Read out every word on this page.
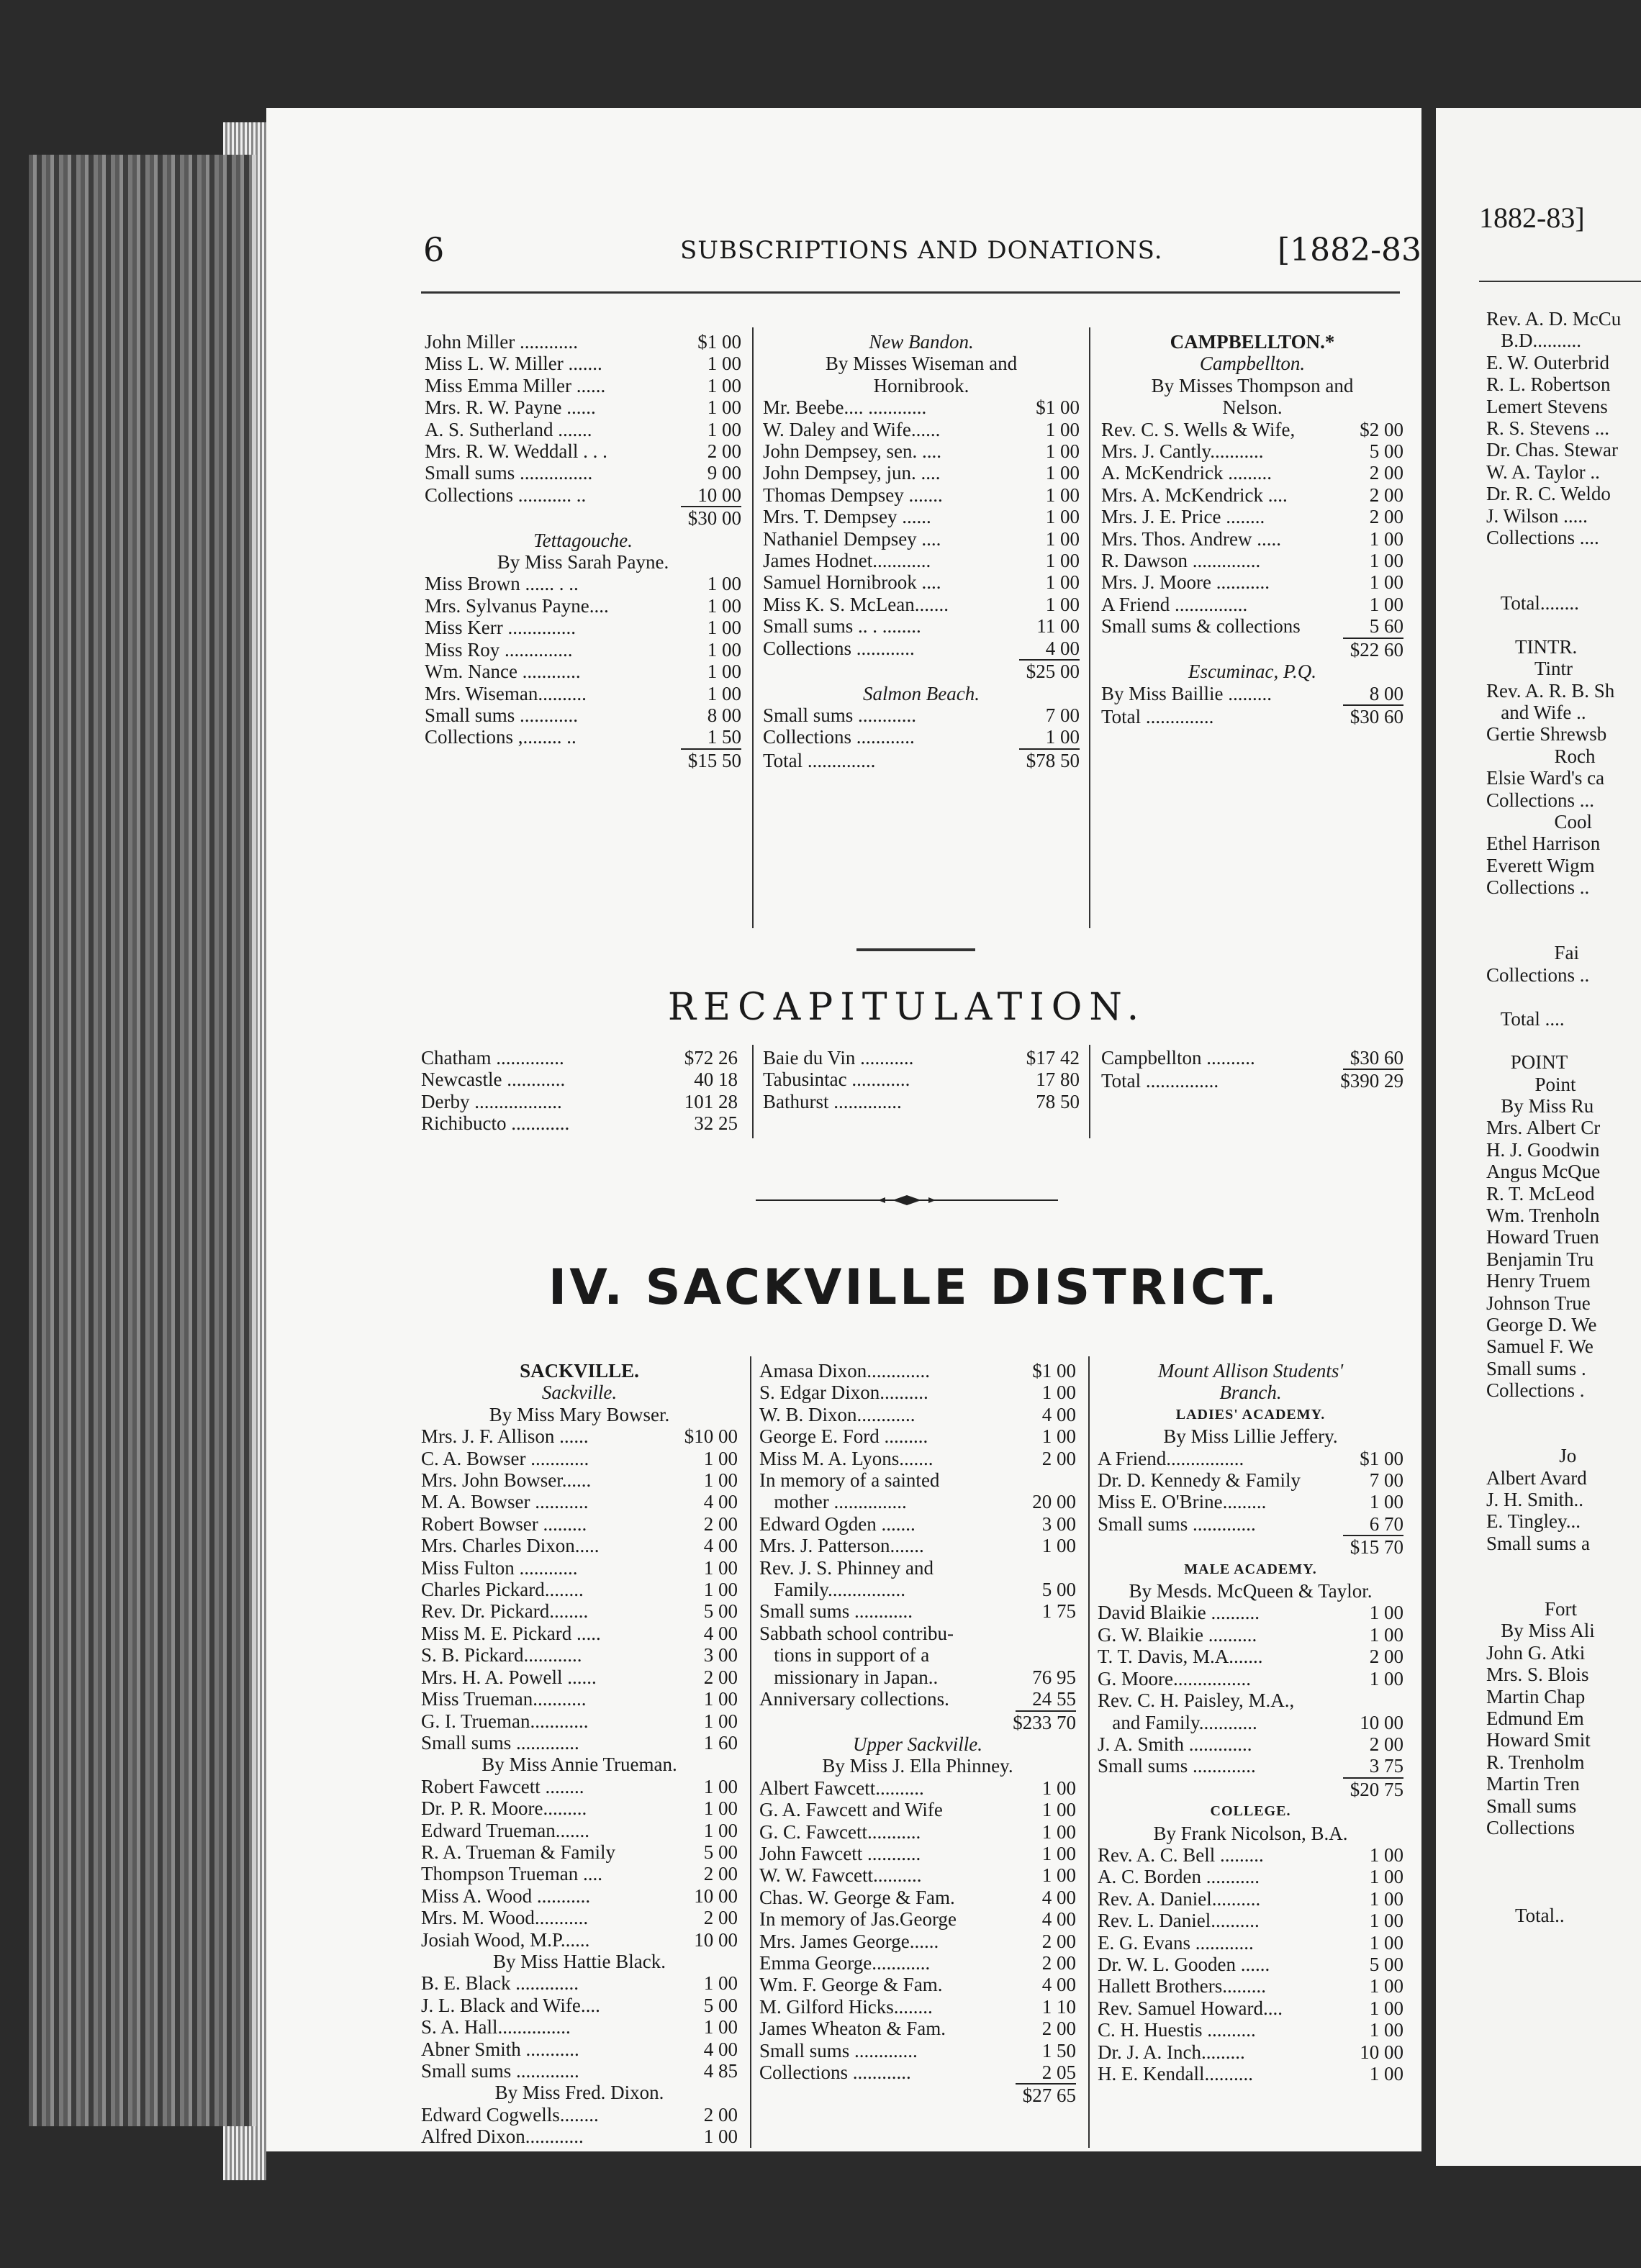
6	SUBSCRIPTIONS AND DONATIONS.	[1882-83
John Miller ............	$1 00
Miss L. W. Miller .......	1 00
Miss Emma Miller ......	1 00
Mrs. R. W. Payne ......	1 00
A. S. Sutherland .......	1 00
Mrs. R. W. Weddall . . .	2 00
Small sums ...............	9 00
Collections ........... ..	10 00
$30 00
Tettagouche.
By Miss Sarah Payne.
Miss Brown ...... . ..	1 00
Mrs. Sylvanus Payne....	1 00
Miss Kerr ..............	1 00
Miss Roy ..............	1 00
Wm. Nance ............	1 00
Mrs. Wiseman..........	1 00
Small sums ............	8 00
Collections ,........ ..	1 50
$15 50
New Bandon.
By Misses Wiseman and
Hornibrook.
Mr. Beebe.... ............	$1 00
W. Daley and Wife......	1 00
John Dempsey, sen. ....	1 00
John Dempsey, jun. ....	1 00
Thomas Dempsey .......	1 00
Mrs. T. Dempsey ......	1 00
Nathaniel Dempsey ....	1 00
James Hodnet............	1 00
Samuel Hornibrook ....	1 00
Miss K. S. McLean.......	1 00
Small sums .. . ........	11 00
Collections ............	4 00
$25 00
Salmon Beach.
Small sums ............	7 00
Collections ............	1 00
Total ..............	$78 50
CAMPBELLTON.*
Campbellton.
By Misses Thompson and
Nelson.
Rev. C. S. Wells & Wife,	$2 00
Mrs. J. Cantly...........	5 00
A. McKendrick .........	2 00
Mrs. A. McKendrick ....	2 00
Mrs. J. E. Price ........	2 00
Mrs. Thos. Andrew .....	1 00
R. Dawson ..............	1 00
Mrs. J. Moore ...........	1 00
A Friend ...............	1 00
Small sums & collections	5 60
$22 60
Escuminac, P.Q.
By Miss Baillie .........	8 00
Total ..............	$30 60
RECAPITULATION.
Chatham ..............	$72 26
Newcastle ............	40 18
Derby ..................	101 28
Richibucto ............	32 25
Baie du Vin ...........	$17 42
Tabusintac ............	17 80
Bathurst ..............	78 50
Campbellton ..........	$30 60
Total ...............	$390 29
IV. SACKVILLE DISTRICT.
SACKVILLE.
Sackville.
By Miss Mary Bowser.
Mrs. J. F. Allison ......	$10 00
C. A. Bowser ............	1 00
Mrs. John Bowser......	1 00
M. A. Bowser ...........	4 00
Robert Bowser .........	2 00
Mrs. Charles Dixon.....	4 00
Miss Fulton ............	1 00
Charles Pickard........	1 00
Rev. Dr. Pickard........	5 00
Miss M. E. Pickard .....	4 00
S. B. Pickard............	3 00
Mrs. H. A. Powell ......	2 00
Miss Trueman...........	1 00
G. I. Trueman............	1 00
Small sums .............	1 60
By Miss Annie Trueman.
Robert Fawcett ........	1 00
Dr. P. R. Moore.........	1 00
Edward Trueman.......	1 00
R. A. Trueman & Family	5 00
Thompson Trueman ....	2 00
Miss A. Wood ...........	10 00
Mrs. M. Wood...........	2 00
Josiah Wood, M.P......	10 00
By Miss Hattie Black.
B. E. Black .............	1 00
J. L. Black and Wife....	5 00
S. A. Hall...............	1 00
Abner Smith ...........	4 00
Small sums .............	4 85
By Miss Fred. Dixon.
Edward Cogwells........	2 00
Alfred Dixon............	1 00
Amasa Dixon.............	$1 00
S. Edgar Dixon..........	1 00
W. B. Dixon............	4 00
George E. Ford .........	1 00
Miss M. A. Lyons.......	2 00
In memory of a sainted
mother ...............	20 00
Edward Ogden .......	3 00
Mrs. J. Patterson.......	1 00
Rev. J. S. Phinney and
Family................	5 00
Small sums ............	1 75
Sabbath school contribu-
tions in support of a
missionary in Japan..	76 95
Anniversary collections.	24 55
$233 70
Upper Sackville.
By Miss J. Ella Phinney.
Albert Fawcett..........	1 00
G. A. Fawcett and Wife	1 00
G. C. Fawcett...........	1 00
John Fawcett ...........	1 00
W. W. Fawcett..........	1 00
Chas. W. George & Fam.	4 00
In memory of Jas.George	4 00
Mrs. James George......	2 00
Emma George............	2 00
Wm. F. George & Fam.	4 00
M. Gilford Hicks........	1 10
James Wheaton & Fam.	2 00
Small sums .............	1 50
Collections ............	2 05
$27 65
Mount Allison Students'
Branch.
LADIES' ACADEMY.
By Miss Lillie Jeffery.
A Friend................	$1 00
Dr. D. Kennedy & Family	7 00
Miss E. O'Brine.........	1 00
Small sums .............	6 70
$15 70
MALE ACADEMY.
By Mesds. McQueen & Taylor.
David Blaikie ..........	1 00
G. W. Blaikie ..........	1 00
T. T. Davis, M.A.......	2 00
G. Moore................	1 00
Rev. C. H. Paisley, M.A.,
and Family............	10 00
J. A. Smith .............	2 00
Small sums .............	3 75
$20 75
COLLEGE.
By Frank Nicolson, B.A.
Rev. A. C. Bell .........	1 00
A. C. Borden ...........	1 00
Rev. A. Daniel..........	1 00
Rev. L. Daniel..........	1 00
E. G. Evans ............	1 00
Dr. W. L. Gooden ......	5 00
Hallett Brothers.........	1 00
Rev. Samuel Howard....	1 00
C. H. Huestis ..........	1 00
Dr. J. A. Inch.........	10 00
H. E. Kendall..........	1 00
1882-83]
Rev. A. D. McCu
B.D..........
E. W. Outerbrid
R. L. Robertson
Lemert Stevens
R. S. Stevens ...
Dr. Chas. Stewar
W. A. Taylor ..
Dr. R. C. Weldo
J. Wilson .....
Collections ....
Total........
TINTR.
Tintr
Rev. A. R. B. Sh
and Wife ..
Gertie Shrewsb
Roch
Elsie Ward's ca
Collections ...
Cool
Ethel Harrison
Everett Wigm
Collections ..
Fai
Collections ..
Total ....
POINT
Point
By Miss Ru
Mrs. Albert Cr
H. J. Goodwin
Angus McQue
R. T. McLeod
Wm. Trenholn
Howard Truen
Benjamin Tru
Henry Truem
Johnson True
George D. We
Samuel F. We
Small sums .
Collections .
Jo
Albert Avard
J. H. Smith..
E. Tingley...
Small sums a
Fort
By Miss Ali
John G. Atki
Mrs. S. Blois
Martin Chap
Edmund Em
Howard Smit
R. Trenholm
Martin Tren
Small sums
Collections
Total..
